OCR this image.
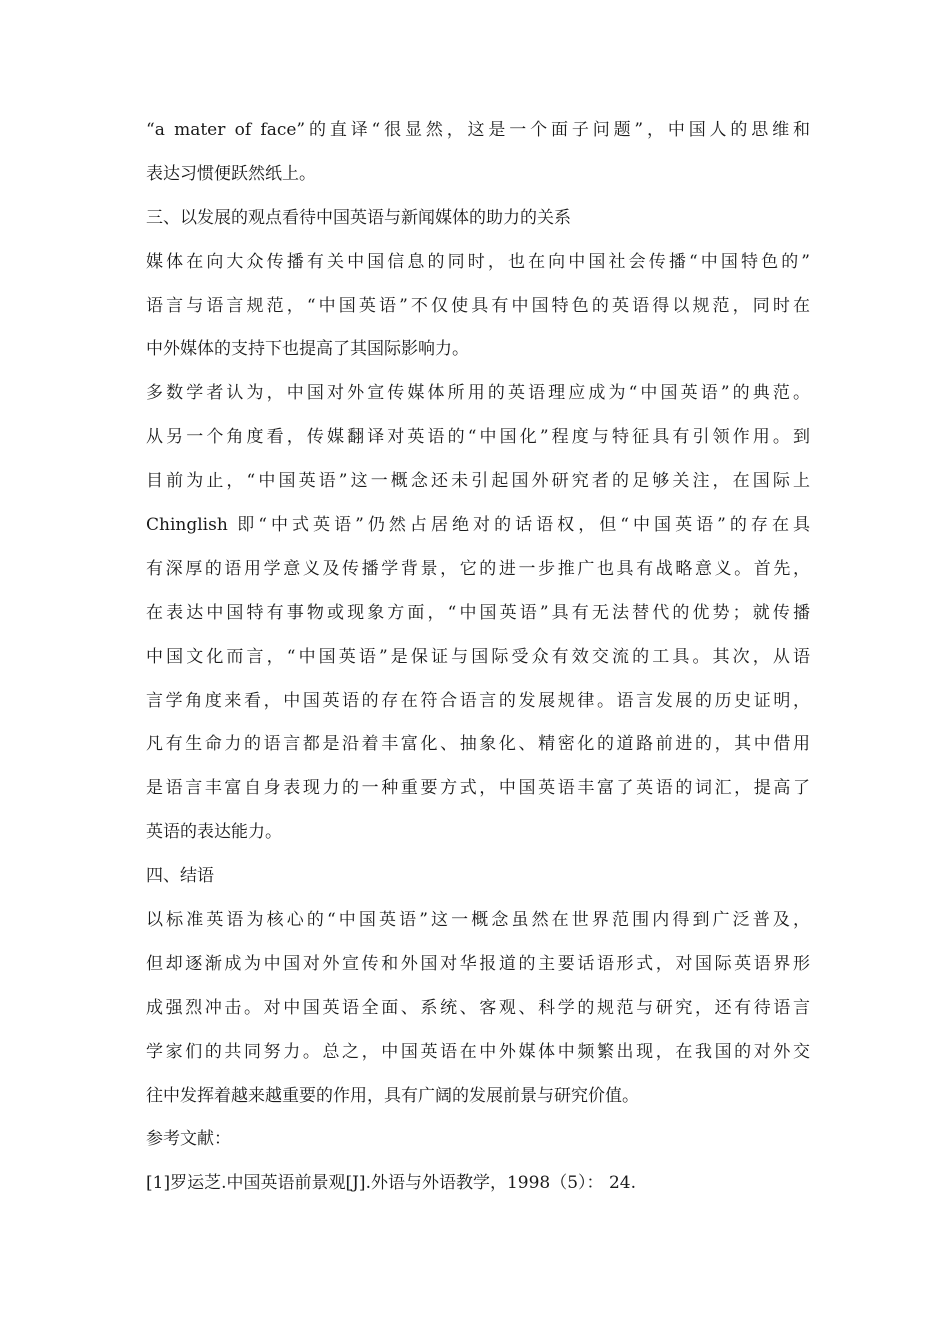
“a mater of face”的直译“很显然，这是一个面子问题”，中国人的思维和
表达习惯便跃然纸上。
三、以发展的观点看待中国英语与新闻媒体的助力的关系
媒体在向大众传播有关中国信息的同时，也在向中国社会传播“中国特色的”
语言与语言规范，“中国英语”不仅使具有中国特色的英语得以规范，同时在
中外媒体的支持下也提高了其国际影响力。
多数学者认为，中国对外宣传媒体所用的英语理应成为“中国英语”的典范。
从另一个角度看，传媒翻译对英语的“中国化”程度与特征具有引领作用。到
目前为止，“中国英语”这一概念还未引起国外研究者的足够关注，在国际上
Chinglish 即“中式英语”仍然占居绝对的话语权，但“中国英语”的存在具
有深厚的语用学意义及传播学背景，它的进一步推广也具有战略意义。首先，
在表达中国特有事物或现象方面，“中国英语”具有无法替代的优势；就传播
中国文化而言，“中国英语”是保证与国际受众有效交流的工具。其次，从语
言学角度来看，中国英语的存在符合语言的发展规律。语言发展的历史证明，
凡有生命力的语言都是沿着丰富化、抽象化、精密化的道路前进的，其中借用
是语言丰富自身表现力的一种重要方式，中国英语丰富了英语的词汇，提高了
英语的表达能力。
四、结语
以标准英语为核心的“中国英语”这一概念虽然在世界范围内得到广泛普及，
但却逐渐成为中国对外宣传和外国对华报道的主要话语形式，对国际英语界形
成强烈冲击。对中国英语全面、系统、客观、科学的规范与研究，还有待语言
学家们的共同努力。总之，中国英语在中外媒体中频繁出现，在我国的对外交
往中发挥着越来越重要的作用，具有广阔的发展前景与研究价值。
参考文献：
[1]罗运芝.中国英语前景观[J].外语与外语教学，1998（5）： 24.
